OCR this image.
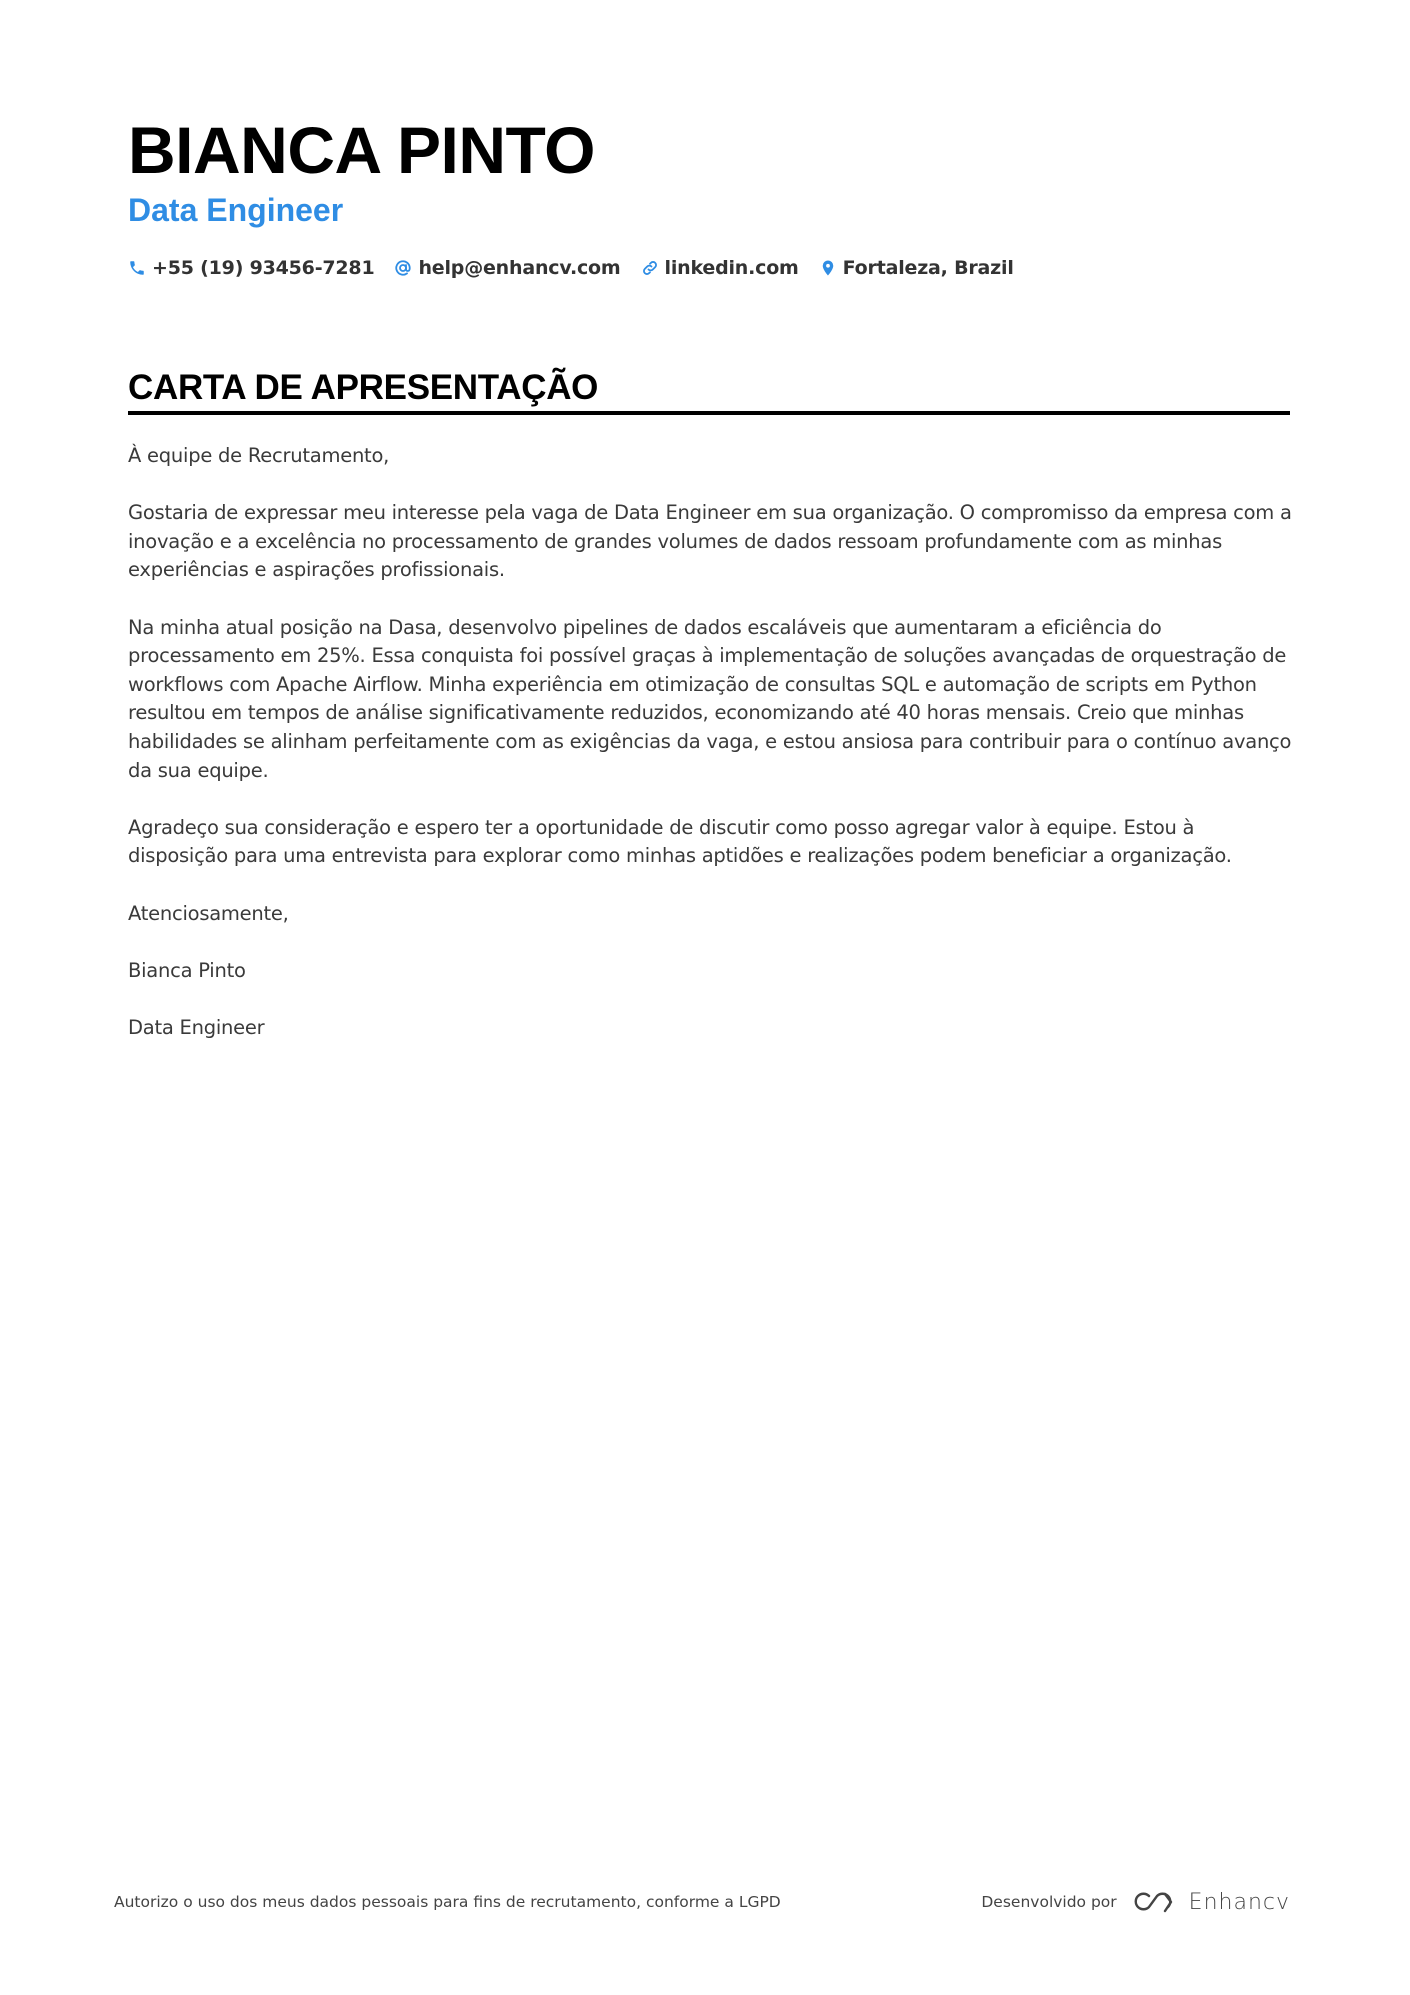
BIANCA PINTO
Data Engineer
+55 (19) 93456-7281 help@enhancv.com linkedin.com Fortaleza, Brazil
CARTA DE APRESENTAÇÃO

À equipe de Recrutamento,

Gostaria de expressar meu interesse pela vaga de Data Engineer em sua organização. O compromisso da empresa com a inovação e a excelência no processamento de grandes volumes de dados ressoam profundamente com as minhas experiências e aspirações profissionais.

Na minha atual posição na Dasa, desenvolvo pipelines de dados escaláveis que aumentaram a eficiência do processamento em 25%. Essa conquista foi possível graças à implementação de soluções avançadas de orquestração de workflows com Apache Airflow. Minha experiência em otimização de consultas SQL e automação de scripts em Python resultou em tempos de análise significativamente reduzidos, economizando até 40 horas mensais. Creio que minhas habilidades se alinham perfeitamente com as exigências da vaga, e estou ansiosa para contribuir para o contínuo avanço da sua equipe.

Agradeço sua consideração e espero ter a oportunidade de discutir como posso agregar valor à equipe. Estou à disposição para uma entrevista para explorar como minhas aptidões e realizações podem beneficiar a organização.

Atenciosamente,

Bianca Pinto

Data Engineer

Autorizo o uso dos meus dados pessoais para fins de recrutamento, conforme a LGPD	Desenvolvido por	Enhancv
